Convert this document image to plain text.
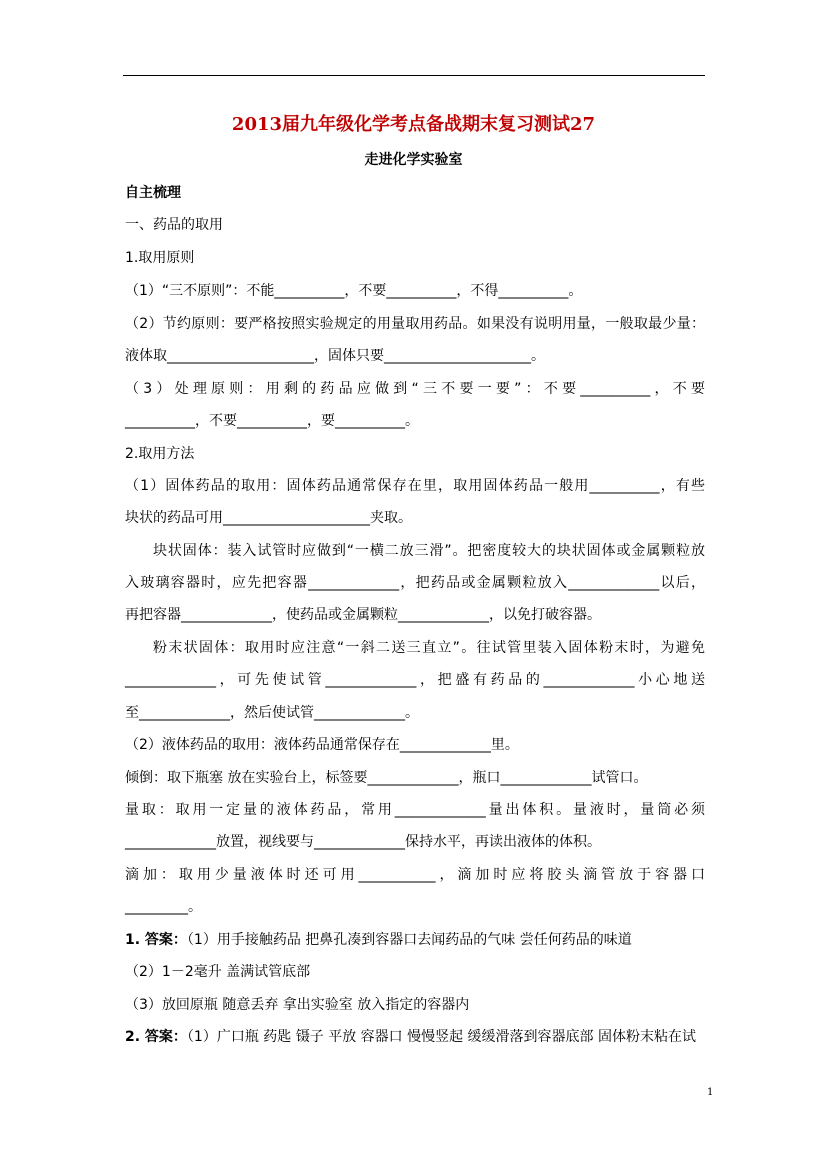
2013届九年级化学考点备战期末复习测试27
走进化学实验室
自主梳理
一、药品的取用
1.取用原则
（1）“三不原则”：不能__________，不要__________，不得__________。
（2）节约原则：要严格按照实验规定的用量取用药品。如果没有说明用量，一般取最少量：
液体取_____________________，固体只要_____________________。
（3）处理原则：用剩的药品应做到“三不要一要”：不要__________，不要
__________，不要__________，要__________。
2.取用方法
（1）固体药品的取用：固体药品通常保存在里，取用固体药品一般用__________，有些
块状的药品可用_____________________夹取。
块状固体：装入试管时应做到“一横二放三滑”。把密度较大的块状固体或金属颗粒放
入玻璃容器时，应先把容器_____________，把药品或金属颗粒放入_____________以后，
再把容器_____________，使药品或金属颗粒_____________，以免打破容器。
粉末状固体：取用时应注意“一斜二送三直立”。往试管里装入固体粉末时，为避免
_____________，可先使试管_____________，把盛有药品的_____________小心地送
至_____________，然后使试管_____________。
（2）液体药品的取用：液体药品通常保存在_____________里。
倾倒：取下瓶塞 放在实验台上，标签要_____________，瓶口_____________试管口。
量取：取用一定量的液体药品，常用_____________量出体积。量液时，量筒必须
_____________放置，视线要与_____________保持水平，再读出液体的体积。
滴加：取用少量液体时还可用___________，滴加时应将胶头滴管放于容器口
_________。
1. 答案：（1）用手接触药品 把鼻孔凑到容器口去闻药品的气味 尝任何药品的味道
（2）1－2毫升 盖满试管底部
（3）放回原瓶 随意丢弃 拿出实验室 放入指定的容器内
2. 答案：（1）广口瓶 药匙 镊子 平放 容器口 慢慢竖起 缓缓滑落到容器底部 固体粉末粘在试
1
